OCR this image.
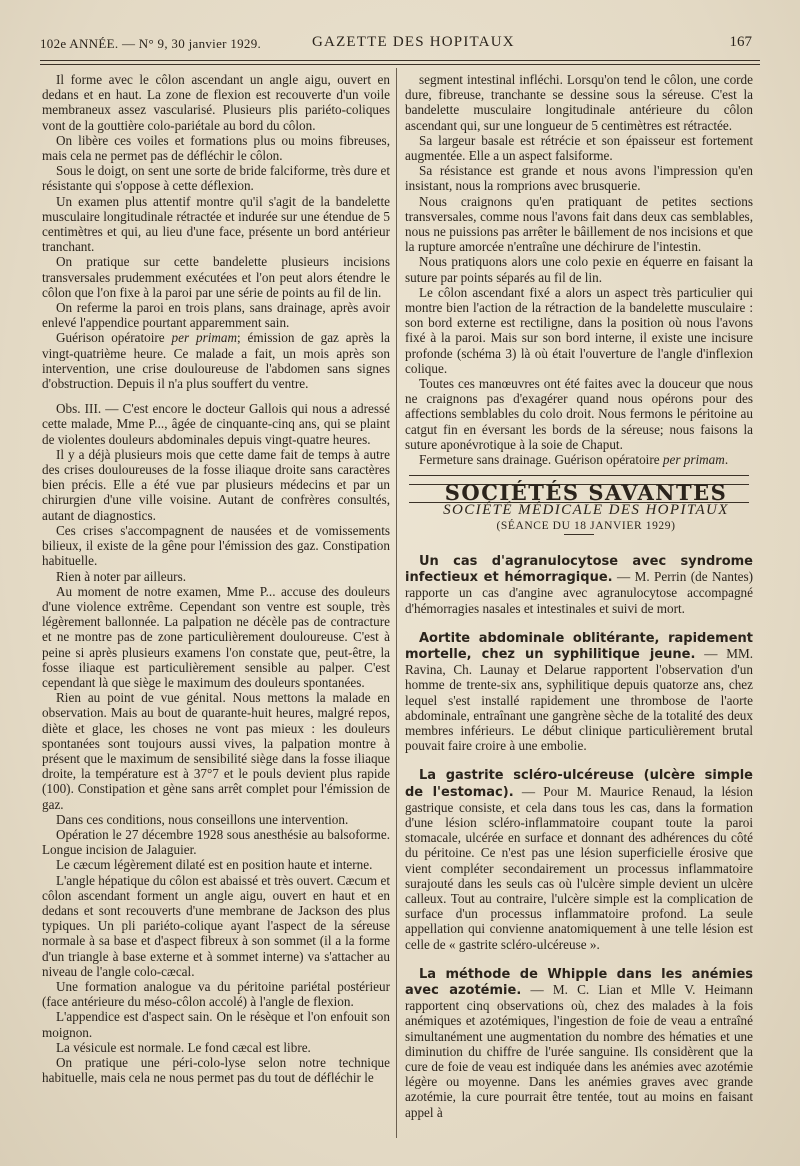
102e ANNÉE. — N° 9, 30 janvier 1929.	GAZETTE DES HOPITAUX	167

Il forme avec le côlon ascendant un angle aigu, ouvert en dedans et en haut. La zone de flexion est recouverte d'un voile membraneux assez vascularisé. Plusieurs plis pariéto-coliques vont de la gouttière colo-pariétale au bord du côlon.

On libère ces voiles et formations plus ou moins fibreuses, mais cela ne permet pas de défléchir le côlon.

Sous le doigt, on sent une sorte de bride falciforme, très dure et résistante qui s'oppose à cette déflexion.

Un examen plus attentif montre qu'il s'agit de la bandelette musculaire longitudinale rétractée et indurée sur une étendue de 5 centimètres et qui, au lieu d'une face, présente un bord antérieur tranchant.

On pratique sur cette bandelette plusieurs incisions transversales prudemment exécutées et l'on peut alors étendre le côlon que l'on fixe à la paroi par une série de points au fil de lin.

On referme la paroi en trois plans, sans drainage, après avoir enlevé l'appendice pourtant apparemment sain.

Guérison opératoire per primam; émission de gaz après la vingt-quatrième heure. Ce malade a fait, un mois après son intervention, une crise douloureuse de l'abdomen sans signes d'obstruction. Depuis il n'a plus souffert du ventre.

Obs. III. — C'est encore le docteur Gallois qui nous a adressé cette malade, Mme P..., âgée de cinquante-cinq ans, qui se plaint de violentes douleurs abdominales depuis vingt-quatre heures.

Il y a déjà plusieurs mois que cette dame fait de temps à autre des crises douloureuses de la fosse iliaque droite sans caractères bien précis. Elle a été vue par plusieurs médecins et par un chirurgien d'une ville voisine. Autant de confrères consultés, autant de diagnostics.

Ces crises s'accompagnent de nausées et de vomissements bilieux, il existe de la gêne pour l'émission des gaz. Constipation habituelle.

Rien à noter par ailleurs.

Au moment de notre examen, Mme P... accuse des douleurs d'une violence extrême. Cependant son ventre est souple, très légèrement ballonnée. La palpation ne décèle pas de contracture et ne montre pas de zone particulièrement douloureuse. C'est à peine si après plusieurs examens l'on constate que, peut-être, la fosse iliaque est particulièrement sensible au palper. C'est cependant là que siège le maximum des douleurs spontanées.

Rien au point de vue génital. Nous mettons la malade en observation. Mais au bout de quarante-huit heures, malgré repos, diète et glace, les choses ne vont pas mieux : les douleurs spontanées sont toujours aussi vives, la palpation montre à présent que le maximum de sensibilité siège dans la fosse iliaque droite, la température est à 37°7 et le pouls devient plus rapide (100). Constipation et gène sans arrêt complet pour l'émission de gaz.

Dans ces conditions, nous conseillons une intervention.

Opération le 27 décembre 1928 sous anesthésie au balsoforme. Longue incision de Jalaguier.

Le cæcum légèrement dilaté est en position haute et interne.

L'angle hépatique du côlon est abaissé et très ouvert. Cæcum et côlon ascendant forment un angle aigu, ouvert en haut et en dedans et sont recouverts d'une membrane de Jackson des plus typiques. Un pli pariéto-colique ayant l'aspect de la séreuse normale à sa base et d'aspect fibreux à son sommet (il a la forme d'un triangle à base externe et à sommet interne) va s'attacher au niveau de l'angle colo-cæcal.

Une formation analogue va du péritoine pariétal postérieur (face antérieure du méso-côlon accolé) à l'angle de flexion.

L'appendice est d'aspect sain. On le résèque et l'on enfouit son moignon.

La vésicule est normale. Le fond cæcal est libre.

On pratique une péri-colo-lyse selon notre technique habituelle, mais cela ne nous permet pas du tout de défléchir le

segment intestinal infléchi. Lorsqu'on tend le côlon, une corde dure, fibreuse, tranchante se dessine sous la séreuse. C'est la bandelette musculaire longitudinale antérieure du côlon ascendant qui, sur une longueur de 5 centimètres est rétractée.

Sa largeur basale est rétrécie et son épaisseur est fortement augmentée. Elle a un aspect falsiforme.

Sa résistance est grande et nous avons l'impression qu'en insistant, nous la romprions avec brusquerie.

Nous craignons qu'en pratiquant de petites sections transversales, comme nous l'avons fait dans deux cas semblables, nous ne puissions pas arrêter le bâillement de nos incisions et que la rupture amorcée n'entraîne une déchirure de l'intestin.

Nous pratiquons alors une colo pexie en équerre en faisant la suture par points séparés au fil de lin.

Le côlon ascendant fixé a alors un aspect très particulier qui montre bien l'action de la rétraction de la bandelette musculaire : son bord externe est rectiligne, dans la position où nous l'avons fixé à la paroi. Mais sur son bord interne, il existe une incisure profonde (schéma 3) là où était l'ouverture de l'angle d'inflexion colique.

Toutes ces manœuvres ont été faites avec la douceur que nous ne craignons pas d'exagérer quand nous opérons pour des affections semblables du colo droit. Nous fermons le péritoine au catgut fin en éversant les bords de la séreuse; nous faisons la suture aponévrotique à la soie de Chaput.

Fermeture sans drainage. Guérison opératoire per primam.

SOCIÉTÉS SAVANTES

SOCIÉTÉ MÉDICALE DES HOPITAUX

(SÉANCE DU 18 JANVIER 1929)

Un cas d'agranulocytose avec syndrome infectieux et hémorragique. — M. Perrin (de Nantes) rapporte un cas d'angine avec agranulocytose accompagné d'hémorragies nasales et intestinales et suivi de mort.

Aortite abdominale oblitérante, rapidement mortelle, chez un syphilitique jeune. — MM. Ravina, Ch. Launay et Delarue rapportent l'observation d'un homme de trente-six ans, syphilitique depuis quatorze ans, chez lequel s'est installé rapidement une thrombose de l'aorte abdominale, entraînant une gangrène sèche de la totalité des deux membres inférieurs. Le début clinique particulièrement brutal pouvait faire croire à une embolie.

La gastrite scléro-ulcéreuse (ulcère simple de l'estomac). — Pour M. Maurice Renaud, la lésion gastrique consiste, et cela dans tous les cas, dans la formation d'une lésion scléro-inflammatoire coupant toute la paroi stomacale, ulcérée en surface et donnant des adhérences du côté du péritoine. Ce n'est pas une lésion superficielle érosive que vient compléter secondairement un processus inflammatoire surajouté dans les seuls cas où l'ulcère simple devient un ulcère calleux. Tout au contraire, l'ulcère simple est la complication de surface d'un processus inflammatoire profond. La seule appellation qui convienne anatomiquement à une telle lésion est celle de « gastrite scléro-ulcéreuse ».

La méthode de Whipple dans les anémies avec azotémie. — M. C. Lian et Mlle V. Heimann rapportent cinq observations où, chez des malades à la fois anémiques et azotémiques, l'ingestion de foie de veau a entraîné simultanément une augmentation du nombre des hématies et une diminution du chiffre de l'urée sanguine. Ils considèrent que la cure de foie de veau est indiquée dans les anémies avec azotémie légère ou moyenne. Dans les anémies graves avec grande azotémie, la cure pourrait être tentée, tout au moins en faisant appel à
